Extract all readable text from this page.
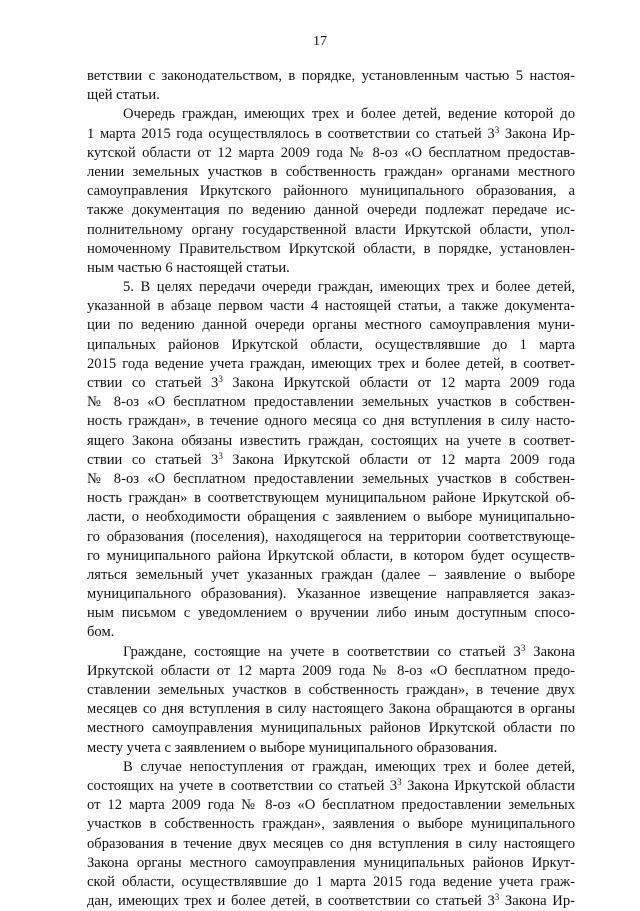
17
ветствии с законодательством, в порядке, установленным частью 5 настоя-
щей статьи.
Очередь граждан, имеющих трех и более детей, ведение которой до
1 марта 2015 года осуществлялось в соответствии со статьей $3^3$ Закона Ир-
кутской области от 12 марта 2009 года № 8-оз «О бесплатном предостав-
лении земельных участков в собственность граждан» органами местного
самоуправления Иркутского районного муниципального образования, а
также документация по ведению данной очереди подлежат передаче ис-
полнительному органу государственной власти Иркутской области, упол-
номоченному Правительством Иркутской области, в порядке, установлен-
ным частью 6 настоящей статьи.
5. В целях передачи очереди граждан, имеющих трех и более детей,
указанной в абзаце первом части 4 настоящей статьи, а также документа-
ции по ведению данной очереди органы местного самоуправления муни-
ципальных районов Иркутской области, осуществлявшие до 1 марта
2015 года ведение учета граждан, имеющих трех и более детей, в соответ-
ствии со статьей $3^3$ Закона Иркутской области от 12 марта 2009 года
№ 8-оз «О бесплатном предоставлении земельных участков в собствен-
ность граждан», в течение одного месяца со дня вступления в силу насто-
ящего Закона обязаны известить граждан, состоящих на учете в соответ-
ствии со статьей $3^3$ Закона Иркутской области от 12 марта 2009 года
№ 8-оз «О бесплатном предоставлении земельных участков в собствен-
ность граждан» в соответствующем муниципальном районе Иркутской об-
ласти, о необходимости обращения с заявлением о выборе муниципально-
го образования (поселения), находящегося на территории соответствующе-
го муниципального района Иркутской области, в котором будет осуществ-
ляться земельный учет указанных граждан (далее – заявление о выборе
муниципального образования). Указанное извещение направляется заказ-
ным письмом с уведомлением о вручении либо иным доступным спосо-
бом.
Граждане, состоящие на учете в соответствии со статьей $3^3$ Закона
Иркутской области от 12 марта 2009 года № 8-оз «О бесплатном предо-
ставлении земельных участков в собственность граждан», в течение двух
месяцев со дня вступления в силу настоящего Закона обращаются в органы
местного самоуправления муниципальных районов Иркутской области по
месту учета с заявлением о выборе муниципального образования.
В случае непоступления от граждан, имеющих трех и более детей,
состоящих на учете в соответствии со статьей $3^3$ Закона Иркутской области
от 12 марта 2009 года № 8-оз «О бесплатном предоставлении земельных
участков в собственность граждан», заявления о выборе муниципального
образования в течение двух месяцев со дня вступления в силу настоящего
Закона органы местного самоуправления муниципальных районов Иркут-
ской области, осуществлявшие до 1 марта 2015 года ведение учета граж-
дан, имеющих трех и более детей, в соответствии со статьей $3^3$ Закона Ир-
